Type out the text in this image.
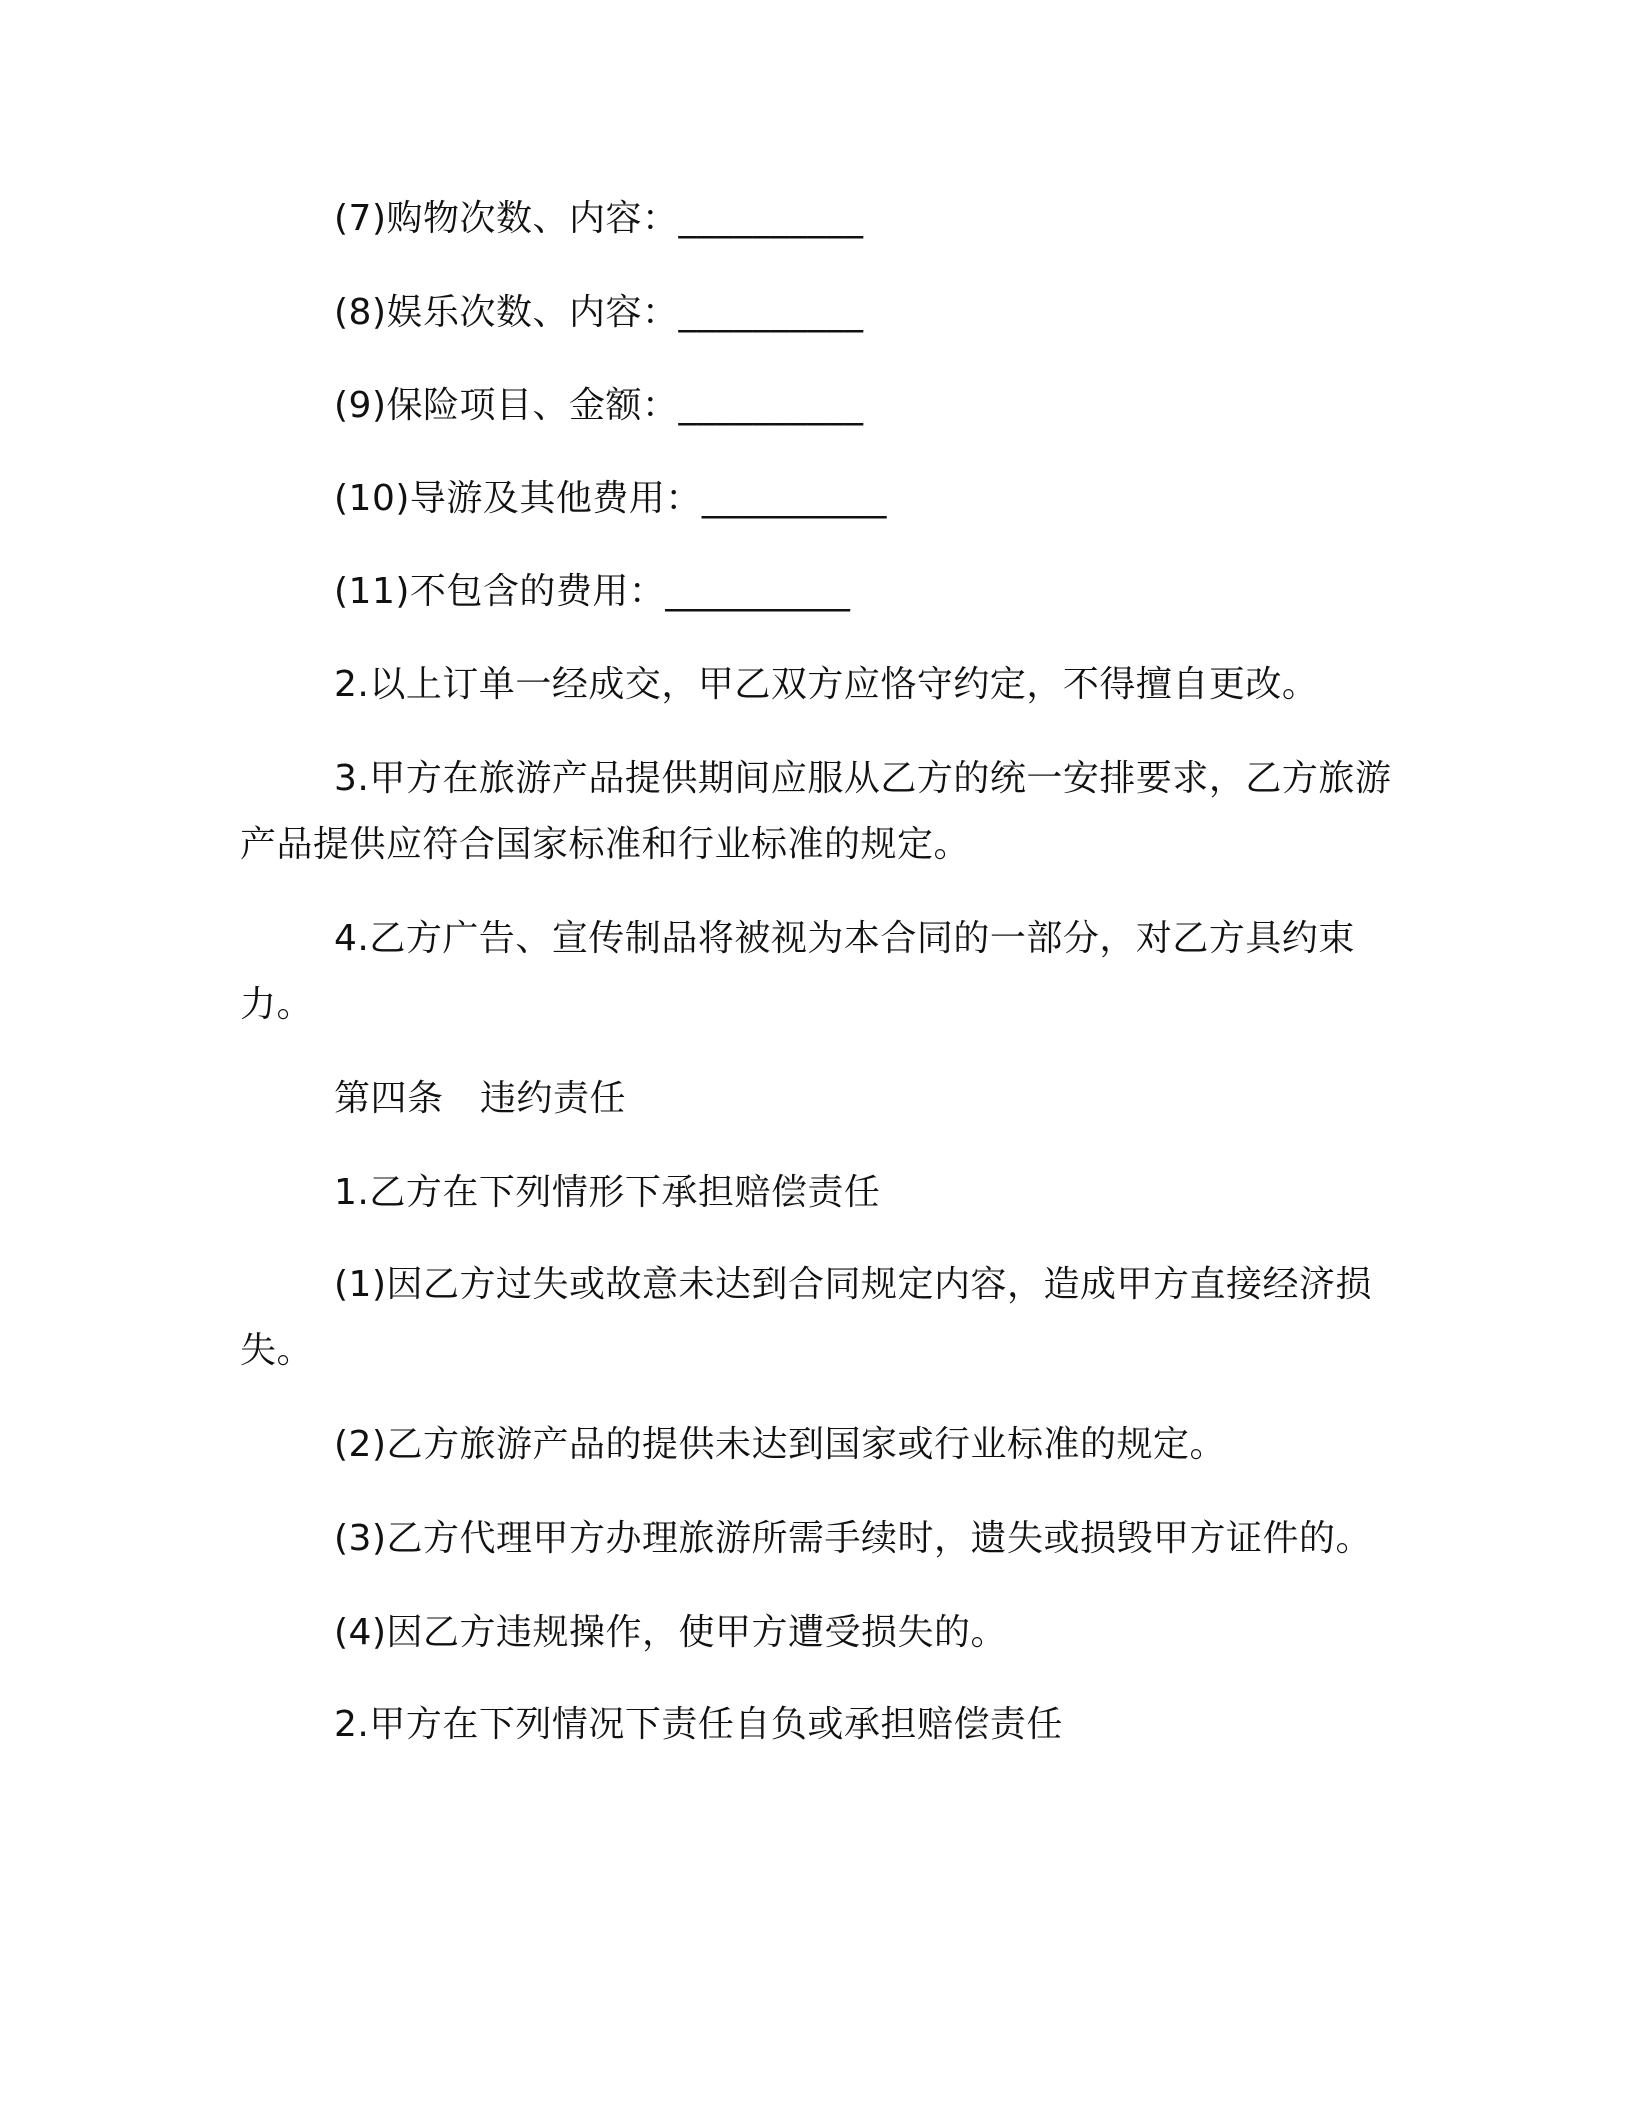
(7)购物次数、内容：__________

(8)娱乐次数、内容：__________

(9)保险项目、金额：__________

(10)导游及其他费用：__________

(11)不包含的费用：__________

2.以上订单一经成交，甲乙双方应恪守约定，不得擅自更改。

3.甲方在旅游产品提供期间应服从乙方的统一安排要求，乙方旅游产品提供应符合国家标准和行业标准的规定。

4.乙方广告、宣传制品将被视为本合同的一部分，对乙方具约束力。

第四条　违约责任

1.乙方在下列情形下承担赔偿责任

(1)因乙方过失或故意未达到合同规定内容，造成甲方直接经济损失。

(2)乙方旅游产品的提供未达到国家或行业标准的规定。

(3)乙方代理甲方办理旅游所需手续时，遗失或损毁甲方证件的。

(4)因乙方违规操作，使甲方遭受损失的。

2.甲方在下列情况下责任自负或承担赔偿责任
